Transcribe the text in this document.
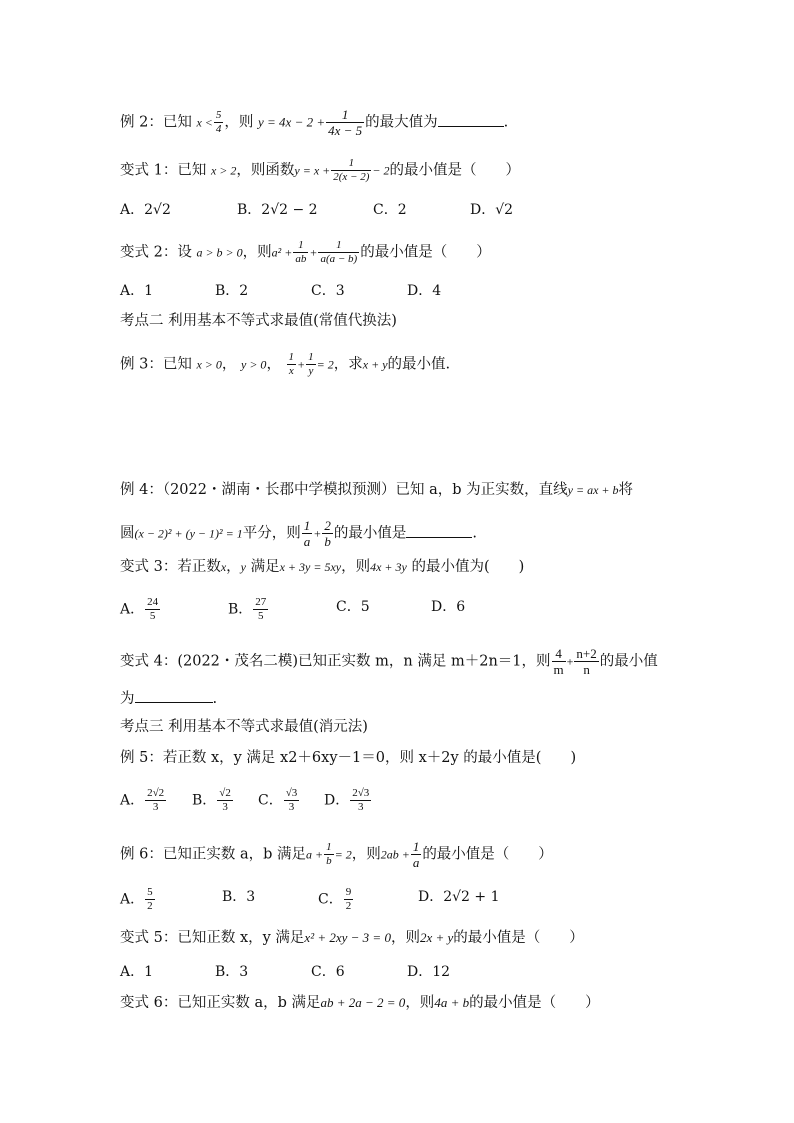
例 2：已知 $x < \frac{5}{4}$ ，则 $y = 4x - 2 + \frac{1}{4x - 5}$ 的最大值为	.
变式 1：已知 x > 2，则函数$y = x + \frac{1}{2(x - 2)} - 2$的最小值是（　　）
A．2√2	B．2√2 − 2	C．2	D．√2
变式 2：设 a > b > 0，则$a^2 + \frac{1}{ab} + \frac{1}{a(a - b)}$ 的最小值是（　　）
A．1	B．2	C．3	D．4
考点二 利用基本不等式求最值(常值代换法)
例 3：已知 x > 0， y > 0， $\frac{1}{x} + \frac{1}{y} = 2$，求x + y的最小值.
例 4：（2022・湖南・长郡中学模拟预测）已知 a，b 为正实数，直线y = ax + b将
圆(x − 2)² + (y − 1)² = 1平分，则 $\frac{1}{a} + \frac{2}{b}$ 的最小值是	.
变式 3：若正数x，y 满足x + 3y = 5xy，则4x + 3y 的最小值为(　　)
A． $\frac{24}{5}$	B． $\frac{27}{5}$	C．5	D．6
变式 4：(2022・茂名二模)已知正实数 m，n 满足 m＋2n＝1，则 $\frac{4}{m} + \frac{n+2}{n}$ 的最小值
为	.
考点三 利用基本不等式求最值(消元法)
例 5：若正数 x，y 满足 x2＋6xy－1＝0，则 x＋2y 的最小值是(　　)
A． $\frac{2√2}{3}$ B． $\frac{√2}{3}$ C． $\frac{√3}{3}$ D． $\frac{2√3}{3}$
例 6：已知正实数 a，b 满足$a + \frac{1}{b} = 2$，则$2ab + \frac{1}{a}$ 的最小值是（　　）
A． $\frac{5}{2}$	B．3	C． $\frac{9}{2}$	D．2√2 + 1
变式 5：已知正数 x，y 满足x² + 2xy − 3 = 0，则2x + y的最小值是（　　）
A．1	B．3	C．6	D．12
变式 6：已知正实数 a，b 满足ab + 2a − 2 = 0，则4a + b的最小值是（　　）
